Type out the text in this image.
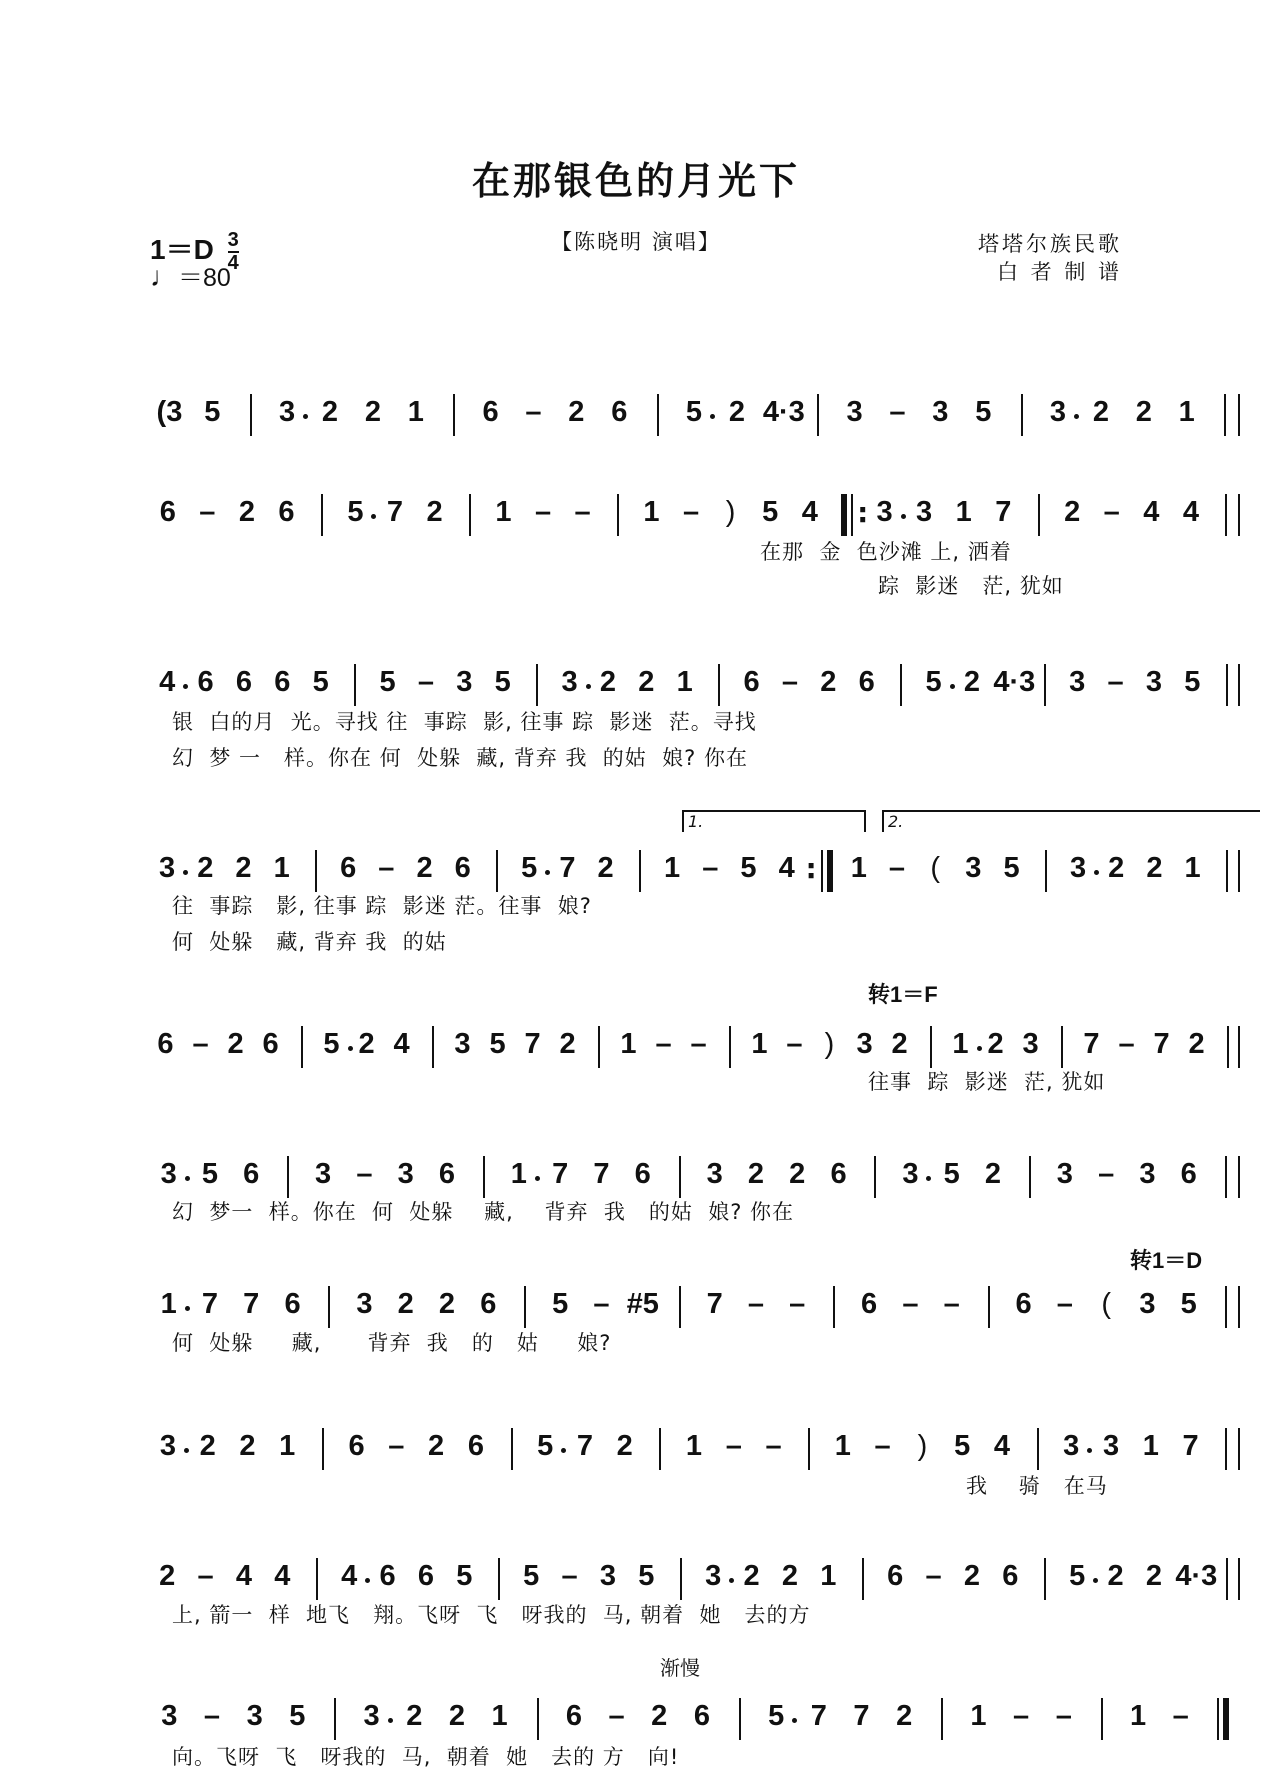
在那银色的月光下
$1=D \frac{3}{4}$
♩＝80
【陈晓明 演唱】	塔塔尔族民歌
白 者 制 谱
(3 5	3 2 2 1 6 – 2 6	5 2 4·3 3 – 3 5	3 2 2 1
6 – 2 6	5 7 2 1 – – 1 – ) 5 4 :	3 3 1 7 2 – 4 4
4 6 6 6 5 5 – 3 5	3 2 2 1 6 – 2 6	5 2 4·3 3 – 3 5
3 2 2 1 6 – 2 6	5 7 2 1 – 5 4 : 1 – ( 3 5	3 2 2 1
6 – 2 6	5 2 4 3 5 7 2 1 – – 1 – ) 3 2	1 2 3 7 – 7 2
3 5 6 3 – 3 6	1 7 7 6 3 2 2 6	3 5 2 3 – 3 6
1 7 7 6 3 2 2 6 5 – #5 7 – – 6 – – 6 – ( 3 5
3 2 2 1 6 – 2 6	5 7 2 1 – – 1 – ) 5 4	3 3 1 7
2 – 4 4	4 6 6 5 5 – 3 5	3 2 2 1 6 – 2 6	5 2 2 4·3
3 – 3 5	3 2 2 1 6 – 2 6	5 7 7 2 1 – – 1 –
在那  金  色沙滩 上, 洒着
踪  影迷   茫, 犹如
银  白的月  光。寻找 往  事踪  影, 往事 踪  影迷  茫。寻找
幻  梦 一   样。你在 何  处躲  藏, 背弃 我  的姑  娘? 你在
往  事踪   影, 往事 踪  影迷 茫。往事  娘?
何  处躲   藏, 背弃 我  的姑
往事  踪  影迷  茫, 犹如
幻  梦一  样。你在  何  处躲    藏,    背弃  我   的姑  娘? 你在
何  处躲     藏,      背弃  我   的   姑     娘?
我    骑   在马
上, 箭一  样  地飞   翔。飞呀  飞   呀我的  马, 朝着  她   去的方
向。飞呀  飞   呀我的  马,  朝着  她   去的 方   向!
转1＝F
转1＝D
渐慢
1.	2.
